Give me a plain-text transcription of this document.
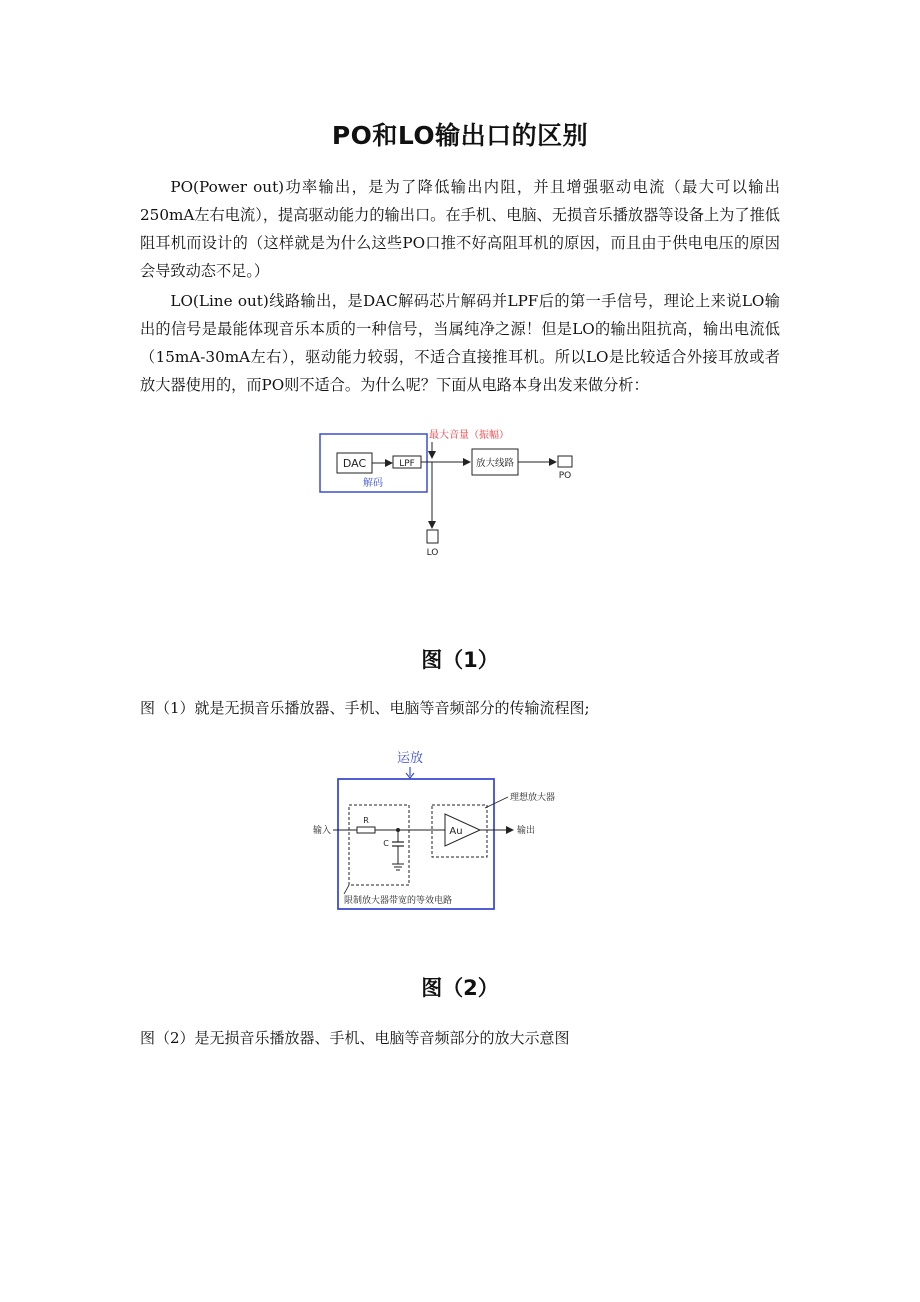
PO和LO输出口的区别

PO(Power out)功率输出，是为了降低输出内阻，并且增强驱动电流（最大可以输出250mA左右电流），提高驱动能力的输出口。在手机、电脑、无损音乐播放器等设备上为了推低阻耳机而设计的（这样就是为什么这些PO口推不好高阻耳机的原因，而且由于供电电压的原因会导致动态不足。）

LO(Line out)线路输出，是DAC解码芯片解码并LPF后的第一手信号，理论上来说LO输出的信号是最能体现音乐本质的一种信号，当属纯净之源！但是LO的输出阻抗高，输出电流低（15mA-30mA左右），驱动能力较弱，不适合直接推耳机。所以LO是比较适合外接耳放或者放大器使用的，而PO则不适合。为什么呢？下面从电路本身出发来做分析：

DAC	LPF
解码
最大音量（振幅）
放大线路
PO
LO
图（1）

图（1）就是无损音乐播放器、手机、电脑等音频部分的传输流程图;

运放
理想放大器
输入
R
C
Au	输出
限制放大器带宽的等效电路
图（2）

图（2）是无损音乐播放器、手机、电脑等音频部分的放大示意图
